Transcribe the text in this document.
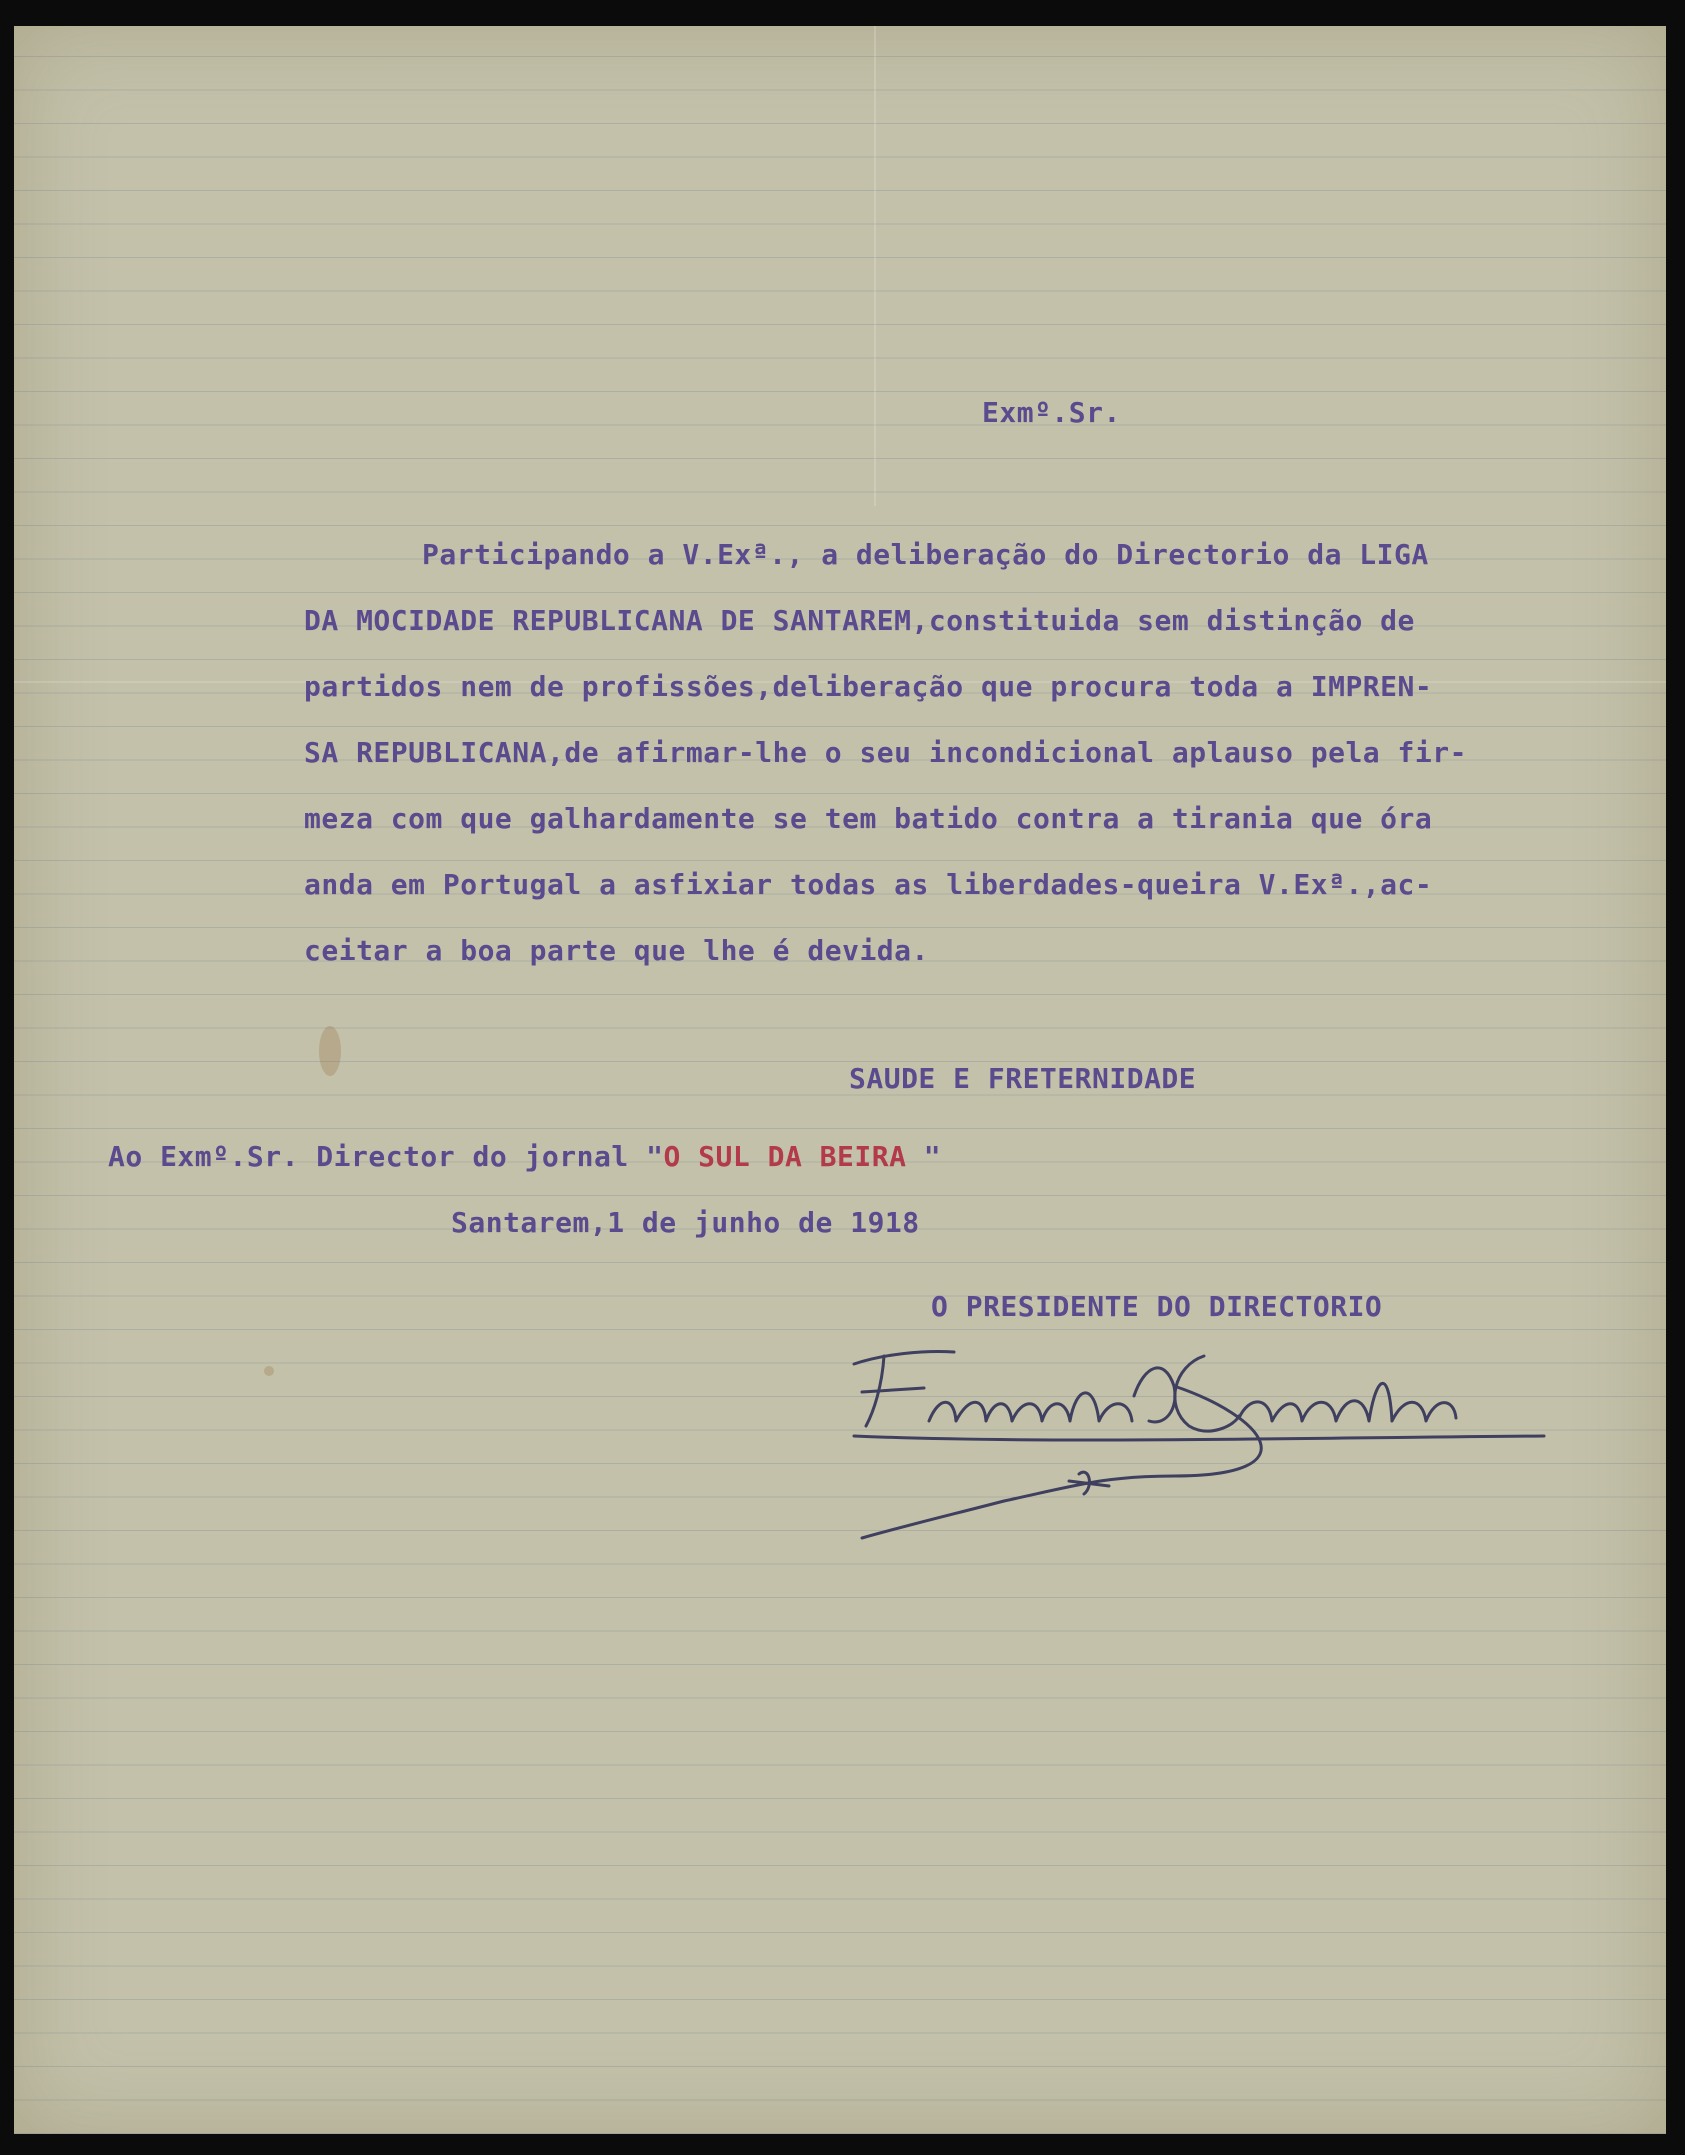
Exmº.Sr.
Participando a V.Exª., a deliberação do Directorio da LIGA
DA MOCIDADE REPUBLICANA DE SANTAREM,constituida sem distinção de
partidos nem de profissões,deliberação que procura toda a IMPREN-
SA REPUBLICANA,de afirmar-lhe o seu incondicional aplauso pela fir-
meza com que galhardamente se tem batido contra a tirania que óra
anda em Portugal a asfixiar todas as liberdades-queira V.Exª.,ac-
ceitar a boa parte que lhe é devida.
SAUDE E FRETERNIDADE
Ao Exmº.Sr. Director do jornal "O SUL DA BEIRA "
Santarem,1 de junho de 1918
O PRESIDENTE DO DIRECTORIO
